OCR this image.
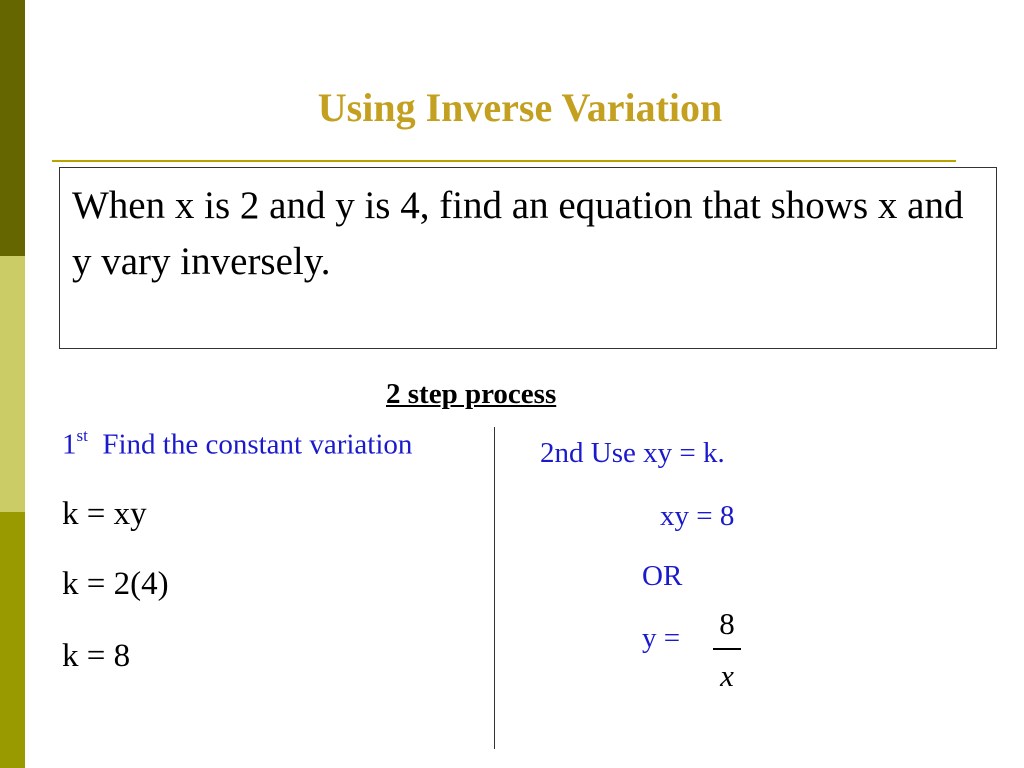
Using Inverse Variation
When x is 2 and y is 4, find an equation that shows x and y vary inversely.
2 step process
1st Find the constant variation
k = xy
k = 2(4)
k = 8
2nd Use xy = k.
xy = 8
OR
y = 8
x
